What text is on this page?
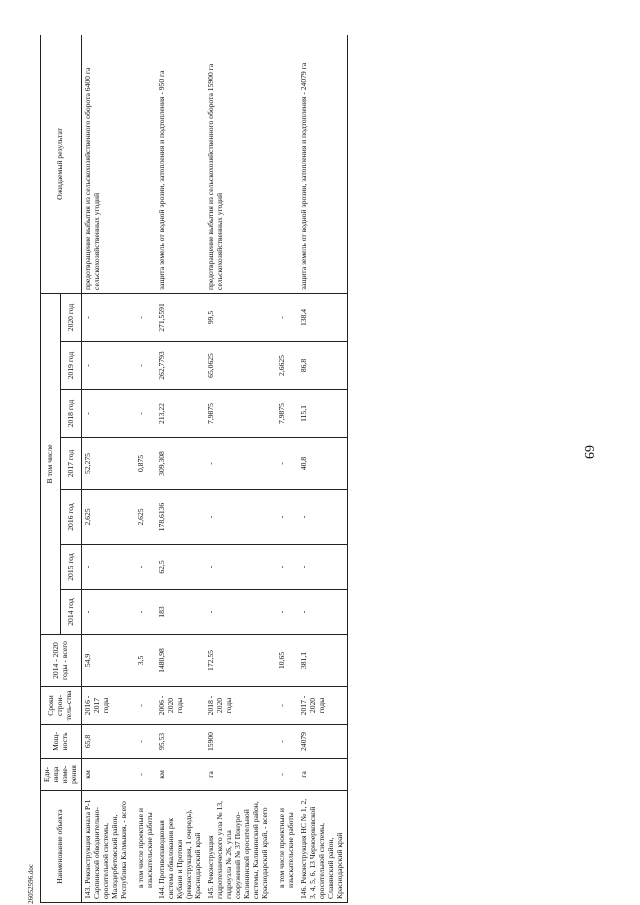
69
26052596.doc
Наименование объекта	Еди-ница изме-рения	Мощ-ность	Сроки строи-тель-ства	2014 - 2020 годы - всего	В том числе							Ожидаемый результат
					2014 год	2015 год	2016 год	2017 год	2018 год	2019 год	2020 год	
143. Реконструкция канала Р-1 Сарпинской обводнительно-оросительной системы, Малодербетовский район, Республика Калмыкия, - всего	км	65,8	2016 - 2017 годы	54,9	-	-	2,625	52,275	-	-	-	предотвращение выбытия из сельскохозяйственного оборота 6400 га сельскохозяйственных угодий
в том числе проектные и изыскательские работы	-	-	-	3,5	-	-	2,625	0,875	-	-	-	
144. Противопаводковая система обвалования рек Кубани и Протоки (реконструкция, 1 очередь), Краснодарский край	км	95,53	2006 - 2020 годы	1480,98	183	62,5	178,6136	309,308	213,22	262,7793	271,5591	защита земель от водной эрозии, затопления и подтопления - 950 га
145. Реконструкция гидротехнического узла № 13, гидроузла № 26, узла сооружений № 37 Понуро-Калининской оросительной системы, Калининский район, Краснодарский край, - всего	га	15900	2018 - 2020 годы	172,55	-	-	-	-	7,9875	65,0625	99,5	предотвращение выбытия из сельскохозяйственного оборота 15900 га сельскохозяйственных угодий
в том числе проектные и изыскательские работы	-	-	-	10,65	-	-	-	-	7,9875	2,6625	-	
146. Реконструкция НС № 1, 2, 3, 4, 5, 6, 13 Черноерковской оросительной системы, Славянский район, Краснодарский край	га	24079	2017 - 2020 годы	381,1	-	-	-	40,8	115,1	86,8	138,4	защита земель от водной эрозии, затопления и подтопления - 24079 га
